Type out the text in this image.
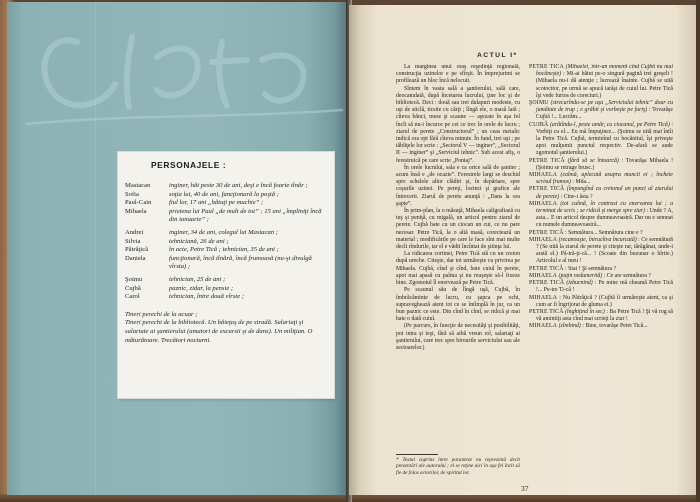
PERSONAJELE :
Mastacan	inginer, hăt peste 30 de ani, deşi e încă foarte tînăr ;
Sofia	soţia lui, 40 de ani, funcţionară la poştă ;
Paul-Cain	fiul lor, 17 ani „bătuţi pe muchie” ;
Mihaela	prietena lui Paul „de mult de tot” ; 15 ani „împliniţi încă din ianuarie” ;
Andrei	inginer, 34 de ani, colegul lui Mastacan ;
Silvia	tehniciană, 26 de ani ;
Pătrăţică	în acte, Petre Tică ; tehnician, 35 de ani ;
Daniela	funcţionară, încă tînără, încă frumoasă (nu-şi divulgă vîrsta) ;
Şoimu	tehnician, 25 de ani ;
Cujbă	paznic, zidar, la pensie ;
Carol	tehnician, între două vîrste ;

Tineri perechi de la acuar ;

Tineri perechi de la bibliotecă. Un băieţaş de pe stradă. Salariaţi şi salariate ai şantierului (amatori de excursii şi de dans). Un miliţian. O măturătoare. Trecători nocturni.

ACTUL I*

La marginea unui oraş reşedinţă regională, construcţia uzinelor e pe sfîrşit. În împrejurimi se profilează un bloc încă nelocuit.

Sîntem în vasta sală a şantierului, sală care, deocamdată, după încetarea lucrului, ţine loc şi de bibliotecă. Deci : două sau trei dulapuri modeste, cu uşi de sticlă, ticsite cu cărţi ; lîngă ele, o masă lată ; cîteva bănci, mese şi scaune — aşezate în aşa fel încît să nu-i încurce pe cei ce trec în orele de lucru ; ziarul de perete „Constructorul” ; un ceas metalic indică ora opt fără cîteva minute. În fund, trei uşi ; pe tăbliţele lor scrie : „Sectorul V — inginer”, „Sectorul II — inginer” şi „Serviciul tehnic”. Sub acest afiş, o ferestruică pe care scrie „Pontaj”.

În orele lucrului, sala e ca orice sală de şantier ; acum însă e „de ocazie”. Ferestrele largi se deschid spre schelele altor clădiri şi, în depărtare, spre coşurile uzinei. Pe pereţi, lozinci şi grafice ale întrecerii. Ziarul de perete anunţă : „Dans la ora şapte”.

În prim-plan, la o măsuţă, Mihaela caligrafiază cu tuş şi peniţă, cu migală, un articol pentru ziarul de perete. Cujbă bate cu un ciocan un cui, ce nu pare necesar. Petre Tică, la o altă masă, corectează un material ; modificările pe care le face sînt mai multe decît rîndurile, iar el e vădit încîntat de ştiinţa lui.

La ridicarea cortinei, Petre Tică stă cu un creion după ureche. Citeşte, dar tot urmăreşte cu privirea pe Mihaela. Cujbă, cînd şi cînd, bate cuiul în perete, apoi mai apasă cu palma şi nu reuşeşte să-l fixeze bine. Zgomotul îl enervează pe Petre Tică.

Pe scaunul său de lîngă uşă, Cujbă, în îmbrăcăminte de lucru, cu şapca pe ochi, supraveghează atent tot ce se întîmplă în jur, ca un bun paznic ce este. Din cînd în cînd, se ridică şi mai bate o dată cuiul.

(Pe parcurs, în funcţie de necesităţi şi posibilităţi, pot intra şi ieşi, fără să aibă vreun rol, salariaţi ai şantierului, care trec spre birourile serviciului sau ale sectoarelor.)

PETRE TICĂ (Mihaelei, într-un moment cînd Cujbă nu mai bocăneşte) : Mi-ai bătut pe-o singură pagină trei greşeli ! (Mihaela nu-i dă atenţie ; lucrează înainte. Cujbă se uită scotocitor, pe urmă se apucă iarăşi de cuiul lui. Petre Tică îşi vede furios de corecturi.)

ŞOIMU (strecurîndu-se pe uşa „Serviciului tehnic” doar cu jumătate de trup ; e grăbit şi vorbeşte pe furiş) : Tovarăşe Cujbă !... Lucrăm...

CUJBĂ (arătîndu-l, peste umăr, cu ciocanul, pe Petre Tică) : Vorbiţi cu el... Eu mă împuţinez... (Şoimu se uită mai întîi la Petre Tică. Cujbă, terminînd cu bocănitul, îşi priveşte apoi mulţumit punctul respectiv. De-afară se aude zgomotul şantierului.)

PETRE TICĂ (fără să se întoarcă) : Tovarăşa Mihaela ! (Şoimu se retrage brusc.)

MIHAELA (calmă, aplecată asupra muncii ei ; încheie scrisul frumos) : Mda...

PETRE TICĂ (împungînd cu creionul un punct al ziarului de perete) : Cine-i ăsta ?

MIHAELA (tot calmă, în contrast cu enervarea lui ; a terminat de scris ; se ridică şi merge spre ziar) : Unde ? A, asta... E un articol despre dumneavoastră. Dar nu e semnat cu numele dumneavoastră...

PETRE TICĂ : Semnătura... Semnătura cine e ?

MIHAELA (recunoaşte, întrucîtva încurcată) : Ce semnătură ? (Se uită la ziarul de perete şi citeşte rar, tărăgănat, unde-i arată el.) Pă-tră-ţi-că... ! (Scoate din buzunar o hîrtie.) Articolul e al meu !

PETRE TICĂ : Stai ! Şi semnătura ?

MIHAELA (puţin nedumerită) : Ce are semnătura ?

PETRE TICĂ (izbucnind) : Pe mine mă cheamă Petre Tică !... Pe-tre Ti-că !

MIHAELA : Nu Pătrăţică ? (Cujbă îi urmăreşte atent, ca şi cum ar fi îngrijorat de gluma ei.)

PETRE TICĂ (înghiţind în sec) : Ba Petre Tică ! Şi vă rog să vă amintiţi asta cînd mai scrieţi la ziar !

MIHAELA (zîmbind) : Bine, tovarăşe Petre Tică...

* Textul cuprins între paranteze nu reprezintă decît prezentări ale autorului ; el se reţine aici în aşa fel încît să fie de folos actorilor, de spiritul lor.
37
